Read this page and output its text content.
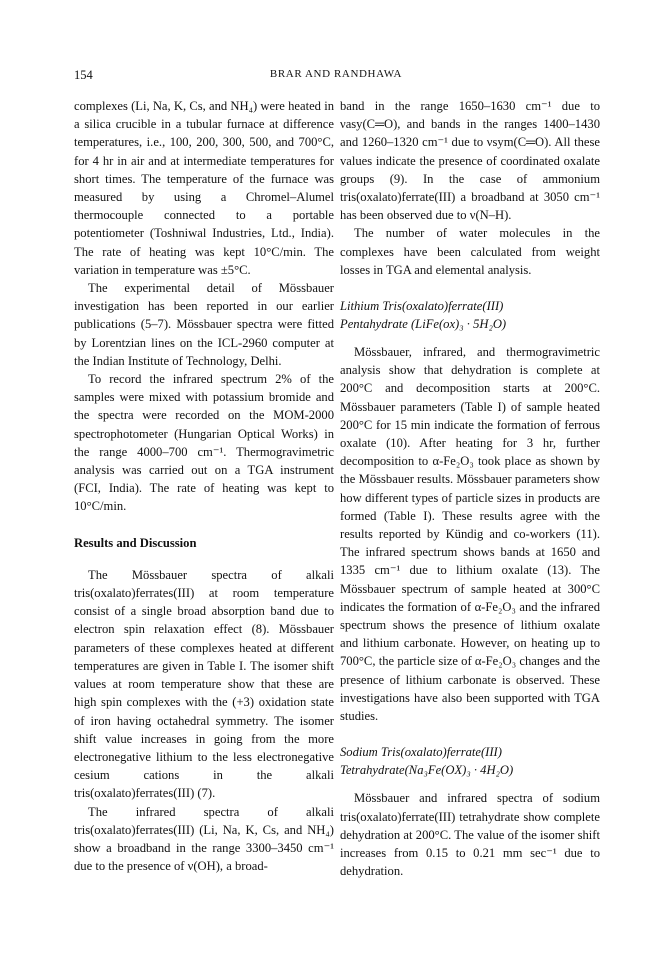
154	BRAR AND RANDHAWA

complexes (Li, Na, K, Cs, and NH₄) were heated in a silica crucible in a tubular furnace at difference temperatures, i.e., 100, 200, 300, 500, and 700°C, for 4 hr in air and at intermediate temperatures for short times. The temperature of the furnace was measured by using a Chromel–Alumel thermocouple connected to a portable potentiometer (Toshniwal Industries, Ltd., India). The rate of heating was kept 10°C/min. The variation in temperature was ±5°C.

The experimental detail of Mössbauer investigation has been reported in our earlier publications (5–7). Mössbauer spectra were fitted by Lorentzian lines on the ICL-2960 computer at the Indian Institute of Technology, Delhi.

To record the infrared spectrum 2% of the samples were mixed with potassium bromide and the spectra were recorded on the MOM-2000 spectrophotometer (Hungarian Optical Works) in the range 4000–700 cm⁻¹. Thermogravimetric analysis was carried out on a TGA instrument (FCI, India). The rate of heating was kept to 10°C/min.

Results and Discussion

The Mössbauer spectra of alkali tris(oxalato)ferrates(III) at room temperature consist of a single broad absorption band due to electron spin relaxation effect (8). Mössbauer parameters of these complexes heated at different temperatures are given in Table I. The isomer shift values at room temperature show that these are high spin complexes with the (+3) oxidation state of iron having octahedral symmetry. The isomer shift value increases in going from the more electronegative lithium to the less electronegative cesium cations in the alkali tris(oxalato)ferrates(III) (7).

The infrared spectra of alkali tris(oxalato)ferrates(III) (Li, Na, K, Cs, and NH₄) show a broadband in the range 3300–3450 cm⁻¹ due to the presence of ν(OH), a broad-

band in the range 1650–1630 cm⁻¹ due to νasy(C═O), and bands in the ranges 1400–1430 and 1260–1320 cm⁻¹ due to νsym(C═O). All these values indicate the presence of coordinated oxalate groups (9). In the case of ammonium tris(oxalato)ferrate(III) a broadband at 3050 cm⁻¹ has been observed due to ν(N–H).

The number of water molecules in the complexes have been calculated from weight losses in TGA and elemental analysis.

Lithium Tris(oxalato)ferrate(III)
Pentahydrate (LiFe(ox)₃ · 5H₂O)

Mössbauer, infrared, and thermogravimetric analysis show that dehydration is complete at 200°C and decomposition starts at 200°C. Mössbauer parameters (Table I) of sample heated 200°C for 15 min indicate the formation of ferrous oxalate (10). After heating for 3 hr, further decomposition to α-Fe₂O₃ took place as shown by the Mössbauer results. Mössbauer parameters show how different types of particle sizes in products are formed (Table I). These results agree with the results reported by Kündig and co-workers (11). The infrared spectrum shows bands at 1650 and 1335 cm⁻¹ due to lithium oxalate (13). The Mössbauer spectrum of sample heated at 300°C indicates the formation of α-Fe₂O₃ and the infrared spectrum shows the presence of lithium oxalate and lithium carbonate. However, on heating up to 700°C, the particle size of α-Fe₂O₃ changes and the presence of lithium carbonate is observed. These investigations have also been supported with TGA studies.

Sodium Tris(oxalato)ferrate(III)
Tetrahydrate(Na₃Fe(OX)₃ · 4H₂O)

Mössbauer and infrared spectra of sodium tris(oxalato)ferrate(III) tetrahydrate show complete dehydration at 200°C. The value of the isomer shift increases from 0.15 to 0.21 mm sec⁻¹ due to dehydration.
